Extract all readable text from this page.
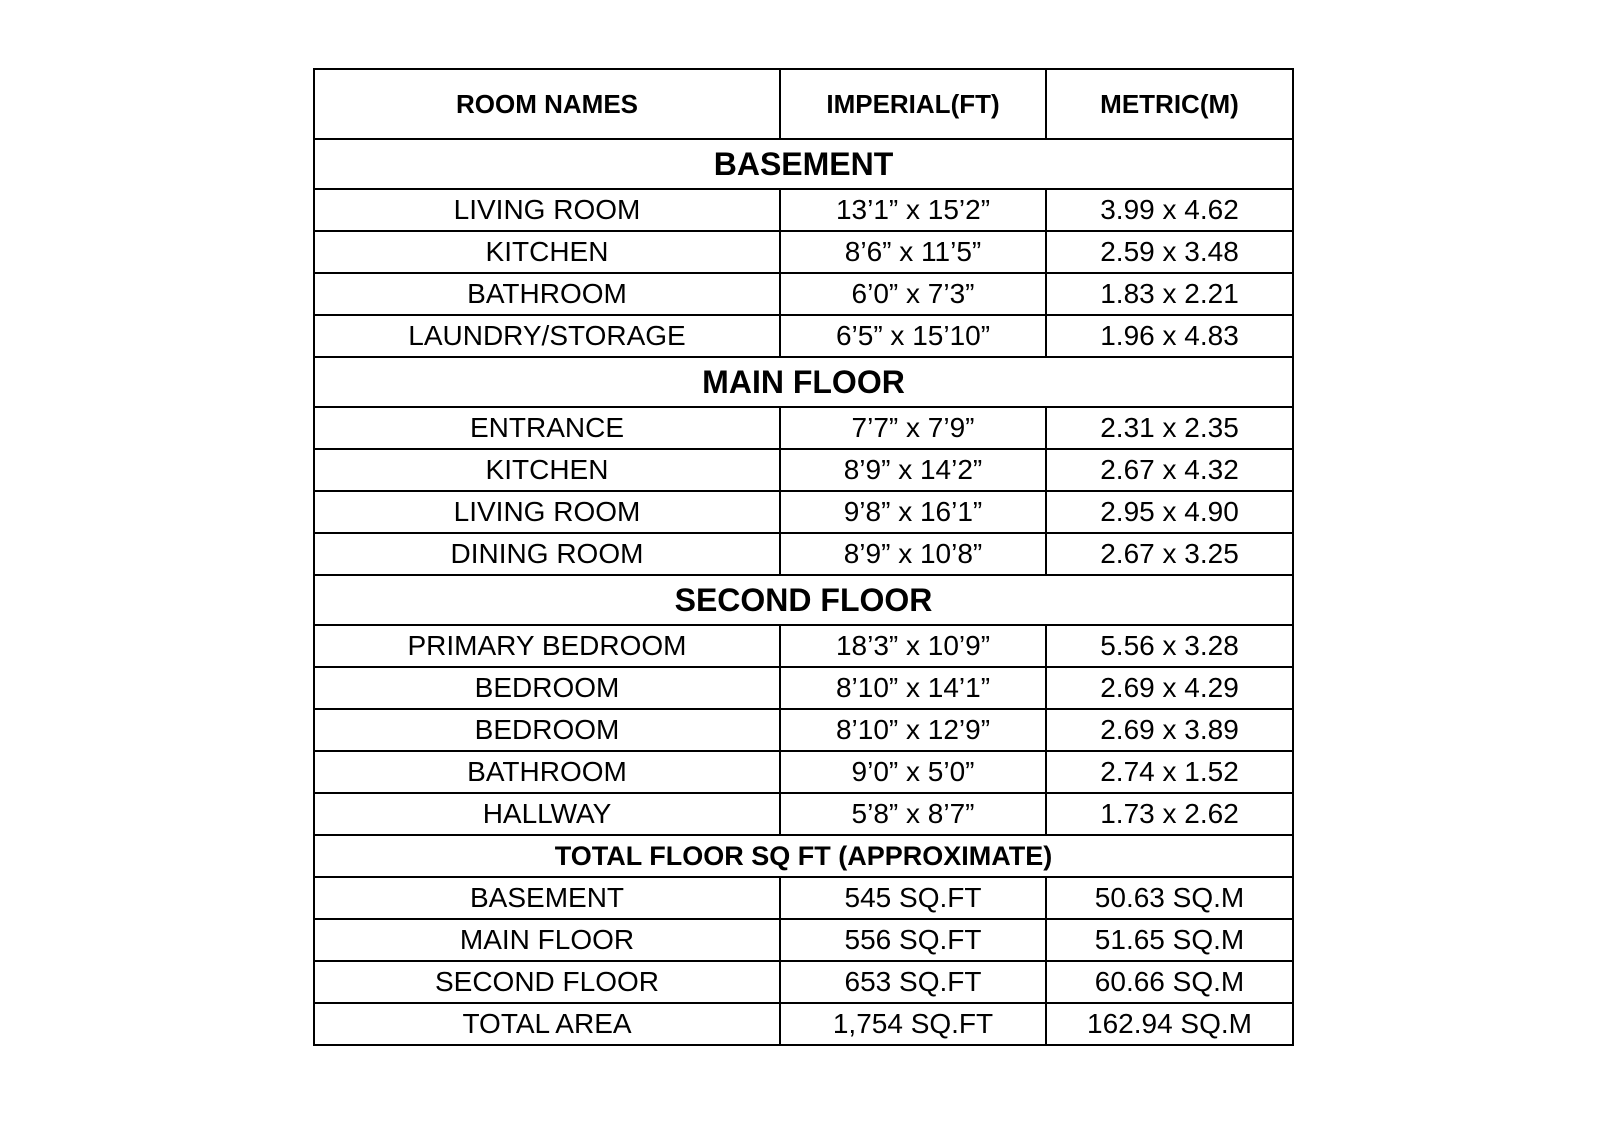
ROOM NAMES	IMPERIAL(FT)	METRIC(M)
BASEMENT		
LIVING ROOM	13’1” x 15’2”	3.99 x 4.62
KITCHEN	8’6” x 11’5”	2.59 x 3.48
BATHROOM	6’0” x 7’3”	1.83 x 2.21
LAUNDRY/STORAGE	6’5” x 15’10”	1.96 x 4.83
MAIN FLOOR		
ENTRANCE	7’7” x 7’9”	2.31 x 2.35
KITCHEN	8’9” x 14’2”	2.67 x 4.32
LIVING ROOM	9’8” x 16’1”	2.95 x 4.90
DINING ROOM	8’9” x 10’8”	2.67 x 3.25
SECOND FLOOR		
PRIMARY BEDROOM	18’3” x 10’9”	5.56 x 3.28
BEDROOM	8’10” x 14’1”	2.69 x 4.29
BEDROOM	8’10” x 12’9”	2.69 x 3.89
BATHROOM	9’0” x 5’0”	2.74 x 1.52
HALLWAY	5’8” x 8’7”	1.73 x 2.62
TOTAL FLOOR SQ FT (APPROXIMATE)		
BASEMENT	545 SQ.FT	50.63 SQ.M
MAIN FLOOR	556 SQ.FT	51.65 SQ.M
SECOND FLOOR	653 SQ.FT	60.66 SQ.M
TOTAL AREA	1,754 SQ.FT	162.94 SQ.M
